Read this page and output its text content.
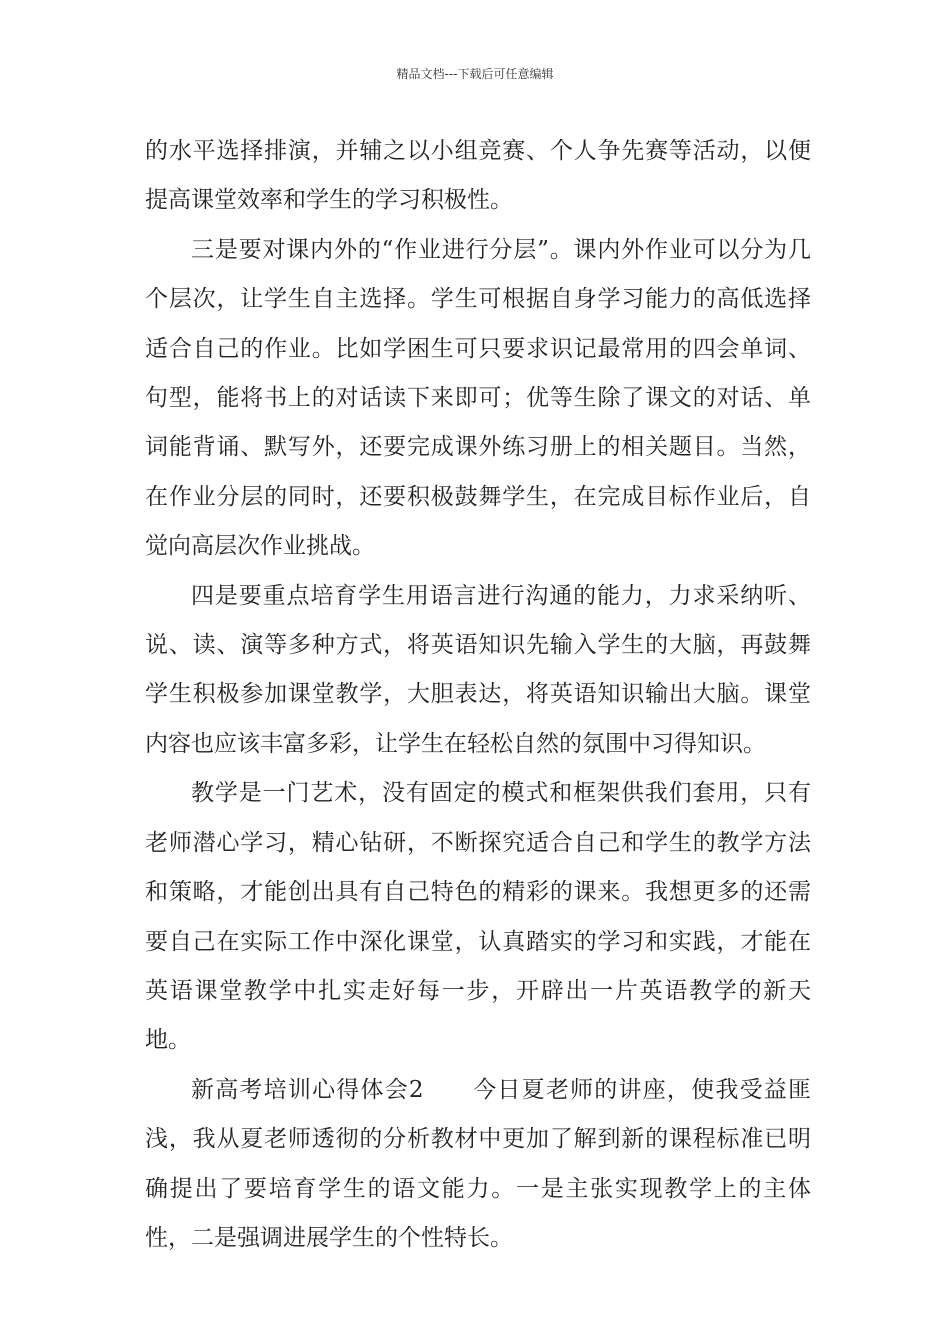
精品文档---下载后可任意编辑

的水平选择排演，并辅之以小组竞赛、个人争先赛等活动，以便提高课堂效率和学生的学习积极性。

三是要对课内外的“作业进行分层”。课内外作业可以分为几个层次，让学生自主选择。学生可根据自身学习能力的高低选择适合自己的作业。比如学困生可只要求识记最常用的四会单词、句型，能将书上的对话读下来即可；优等生除了课文的对话、单词能背诵、默写外，还要完成课外练习册上的相关题目。当然，在作业分层的同时，还要积极鼓舞学生，在完成目标作业后，自觉向高层次作业挑战。

四是要重点培育学生用语言进行沟通的能力，力求采纳听、说、读、演等多种方式，将英语知识先输入学生的大脑，再鼓舞学生积极参加课堂教学，大胆表达，将英语知识输出大脑。课堂内容也应该丰富多彩，让学生在轻松自然的氛围中习得知识。

教学是一门艺术，没有固定的模式和框架供我们套用，只有老师潜心学习，精心钻研，不断探究适合自己和学生的教学方法和策略，才能创出具有自己特色的精彩的课来。我想更多的还需要自己在实际工作中深化课堂，认真踏实的学习和实践，才能在英语课堂教学中扎实走好每一步，开辟出一片英语教学的新天地。

新高考培训心得体会2　　今日夏老师的讲座，使我受益匪浅，我从夏老师透彻的分析教材中更加了解到新的课程标准已明确提出了要培育学生的语文能力。一是主张实现教学上的主体性，二是强调进展学生的个性特长。
